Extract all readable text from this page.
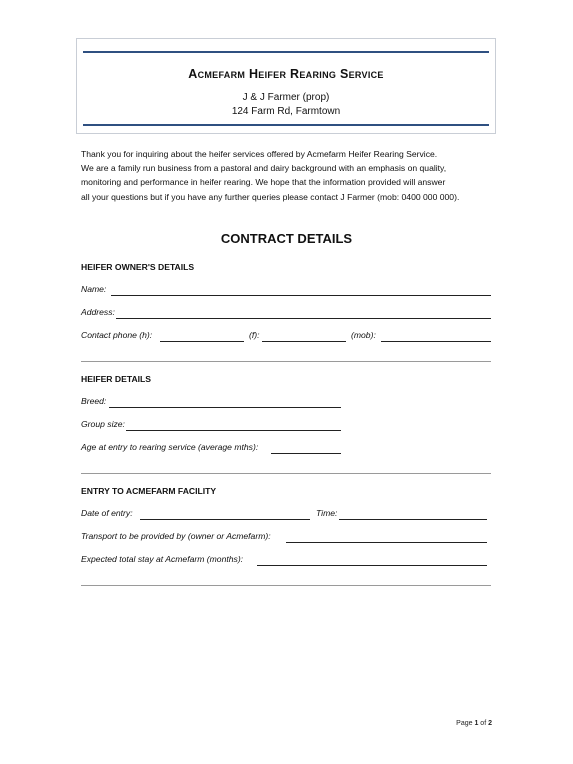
Acmefarm Heifer Rearing Service
J & J Farmer (prop)
124 Farm Rd, Farmtown

Thank you for inquiring about the heifer services offered by Acmefarm Heifer Rearing Service.
We are a family run business from a pastoral and dairy background with an emphasis on quality,
monitoring and performance in heifer rearing. We hope that the information provided will answer
all your questions but if you have any further queries please contact J Farmer (mob: 0400 000 000).

CONTRACT DETAILS
HEIFER OWNER'S DETAILS
Name:
Address:
Contact phone (h):	(f):	(mob):
HEIFER DETAILS
Breed:
Group size:
Age at entry to rearing service (average mths):
ENTRY TO ACMEFARM FACILITY
Date of entry:	Time:
Transport to be provided by (owner or Acmefarm):
Expected total stay at Acmefarm (months):
Page 1 of 2
